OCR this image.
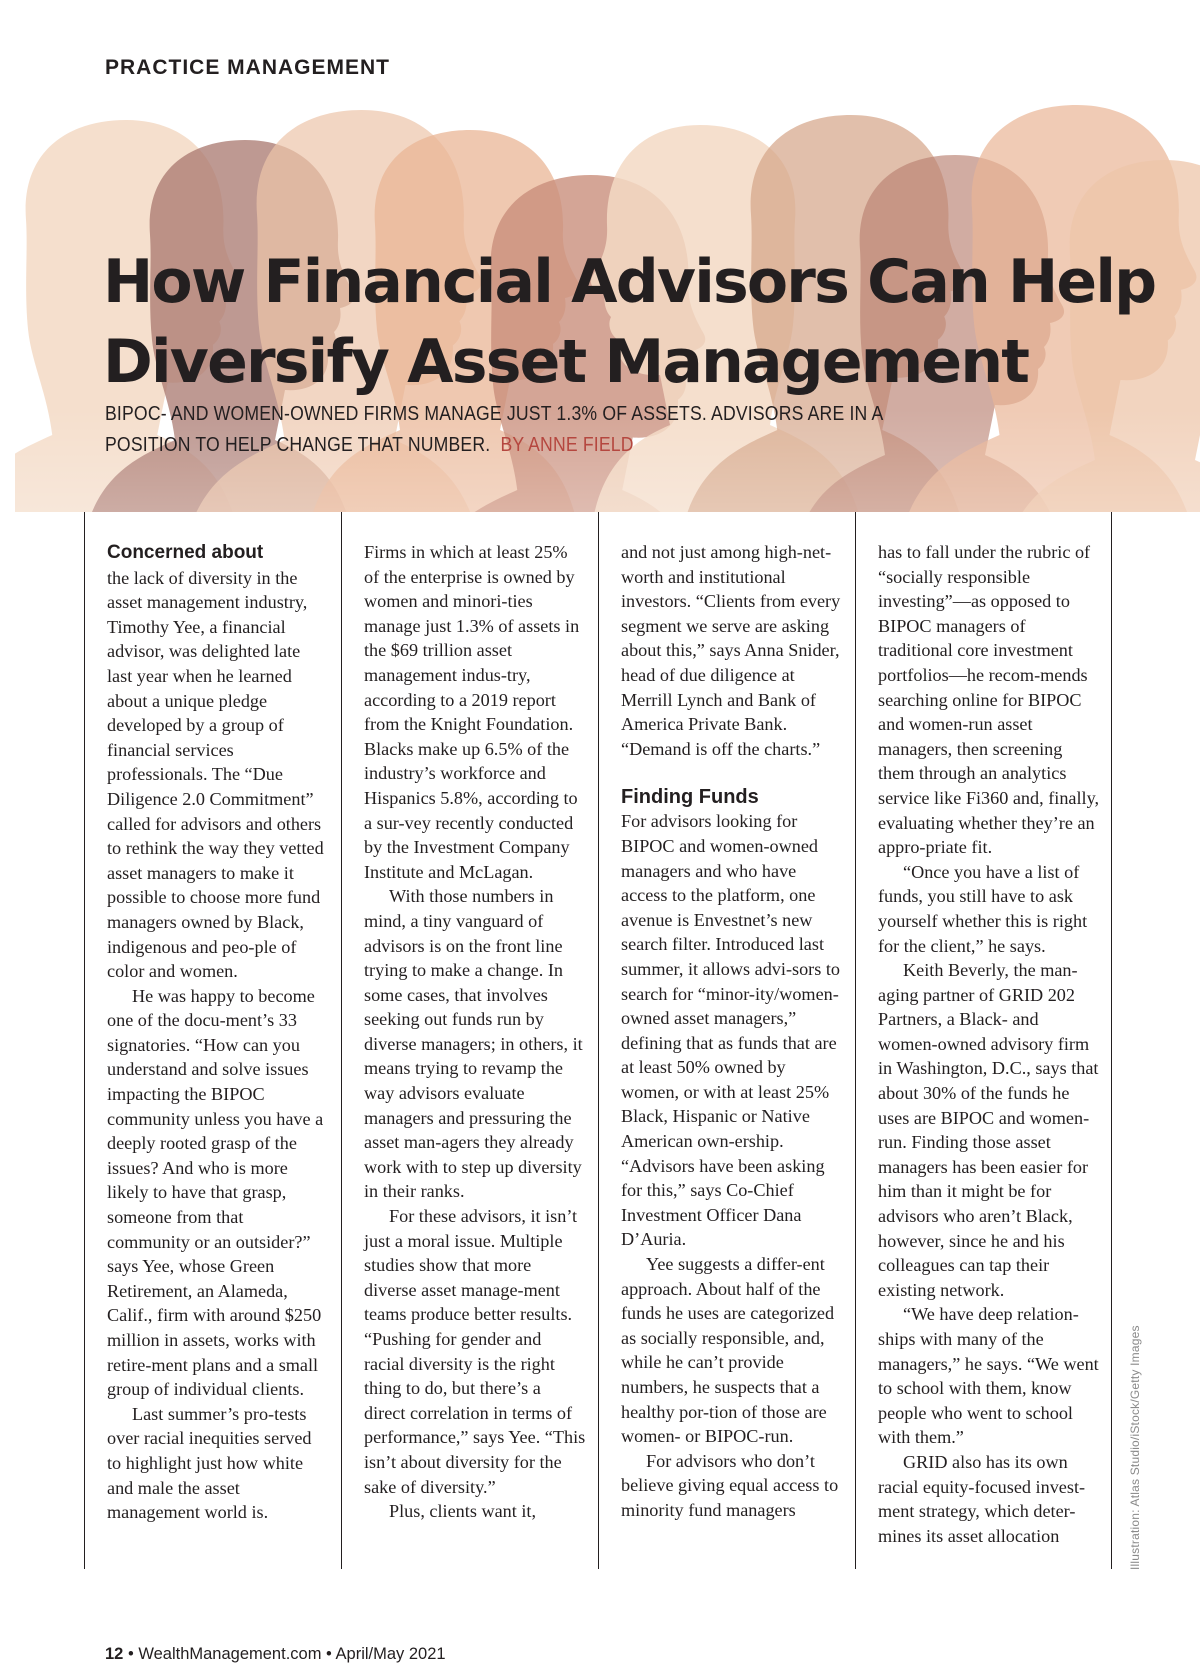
PRACTICE MANAGEMENT
How Financial Advisors Can Help
Diversify Asset Management
BIPOC- AND WOMEN-OWNED FIRMS MANAGE JUST 1.3% OF ASSETS. ADVISORS ARE IN A POSITION TO HELP CHANGE THAT NUMBER. BY ANNE FIELD

Concerned about
the lack of diversity in the asset management industry, Timothy Yee, a financial advisor, was delighted late last year when he learned about a unique pledge developed by a group of financial services professionals. The “Due Diligence 2.0 Commitment” called for advisors and others to rethink the way they vetted asset managers to make it possible to choose more fund managers owned by Black, indigenous and peo-ple of color and women.

He was happy to become one of the docu-ment’s 33 signatories. “How can you understand and solve issues impacting the BIPOC community unless you have a deeply rooted grasp of the issues? And who is more likely to have that grasp, someone from that community or an outsider?” says Yee, whose Green Retirement, an Alameda, Calif., firm with around $250 million in assets, works with retire-ment plans and a small group of individual clients.

Last summer’s pro-tests over racial inequities served to highlight just how white and male the asset management world is.

Firms in which at least 25% of the enterprise is owned by women and minori-ties manage just 1.3% of assets in the $69 trillion asset management indus-try, according to a 2019 report from the Knight Foundation. Blacks make up 6.5% of the industry’s workforce and Hispanics 5.8%, according to a sur-vey recently conducted by the Investment Company Institute and McLagan.

With those numbers in mind, a tiny vanguard of advisors is on the front line trying to make a change. In some cases, that involves seeking out funds run by diverse managers; in others, it means trying to revamp the way advisors evaluate managers and pressuring the asset man-agers they already work with to step up diversity in their ranks.

For these advisors, it isn’t just a moral issue. Multiple studies show that more diverse asset manage-ment teams produce better results. “Pushing for gender and racial diversity is the right thing to do, but there’s a direct correlation in terms of performance,” says Yee. “This isn’t about diversity for the sake of diversity.”

Plus, clients want it,

and not just among high-net-worth and institutional investors. “Clients from every segment we serve are asking about this,” says Anna Snider, head of due diligence at Merrill Lynch and Bank of America Private Bank. “Demand is off the charts.”

Finding Funds

For advisors looking for BIPOC and women-owned managers and who have access to the platform, one avenue is Envestnet’s new search filter. Introduced last summer, it allows advi-sors to search for “minor-ity/women-owned asset managers,” defining that as funds that are at least 50% owned by women, or with at least 25% Black, Hispanic or Native American own-ership. “Advisors have been asking for this,” says Co-Chief Investment Officer Dana D’Auria.

Yee suggests a differ-ent approach. About half of the funds he uses are categorized as socially responsible, and, while he can’t provide numbers, he suspects that a healthy por-tion of those are women- or BIPOC-run.

For advisors who don’t believe giving equal access to minority fund managers

has to fall under the rubric of “socially responsible investing”—as opposed to BIPOC managers of traditional core investment portfolios—he recom-mends searching online for BIPOC and women-run asset managers, then screening them through an analytics service like Fi360 and, finally, evaluating whether they’re an appro-priate fit.

“Once you have a list of funds, you still have to ask yourself whether this is right for the client,” he says.

Keith Beverly, the man-aging partner of GRID 202 Partners, a Black- and women-owned advisory firm in Washington, D.C., says that about 30% of the funds he uses are BIPOC and women-run. Finding those asset managers has been easier for him than it might be for advisors who aren’t Black, however, since he and his colleagues can tap their existing network.

“We have deep relation-ships with many of the managers,” he says. “We went to school with them, know people who went to school with them.”

GRID also has its own racial equity-focused invest-ment strategy, which deter-mines its asset allocation	Illustration: Atlas Studio/iStock/Getty Images
12 • WealthManagement.com • April/May 2021
